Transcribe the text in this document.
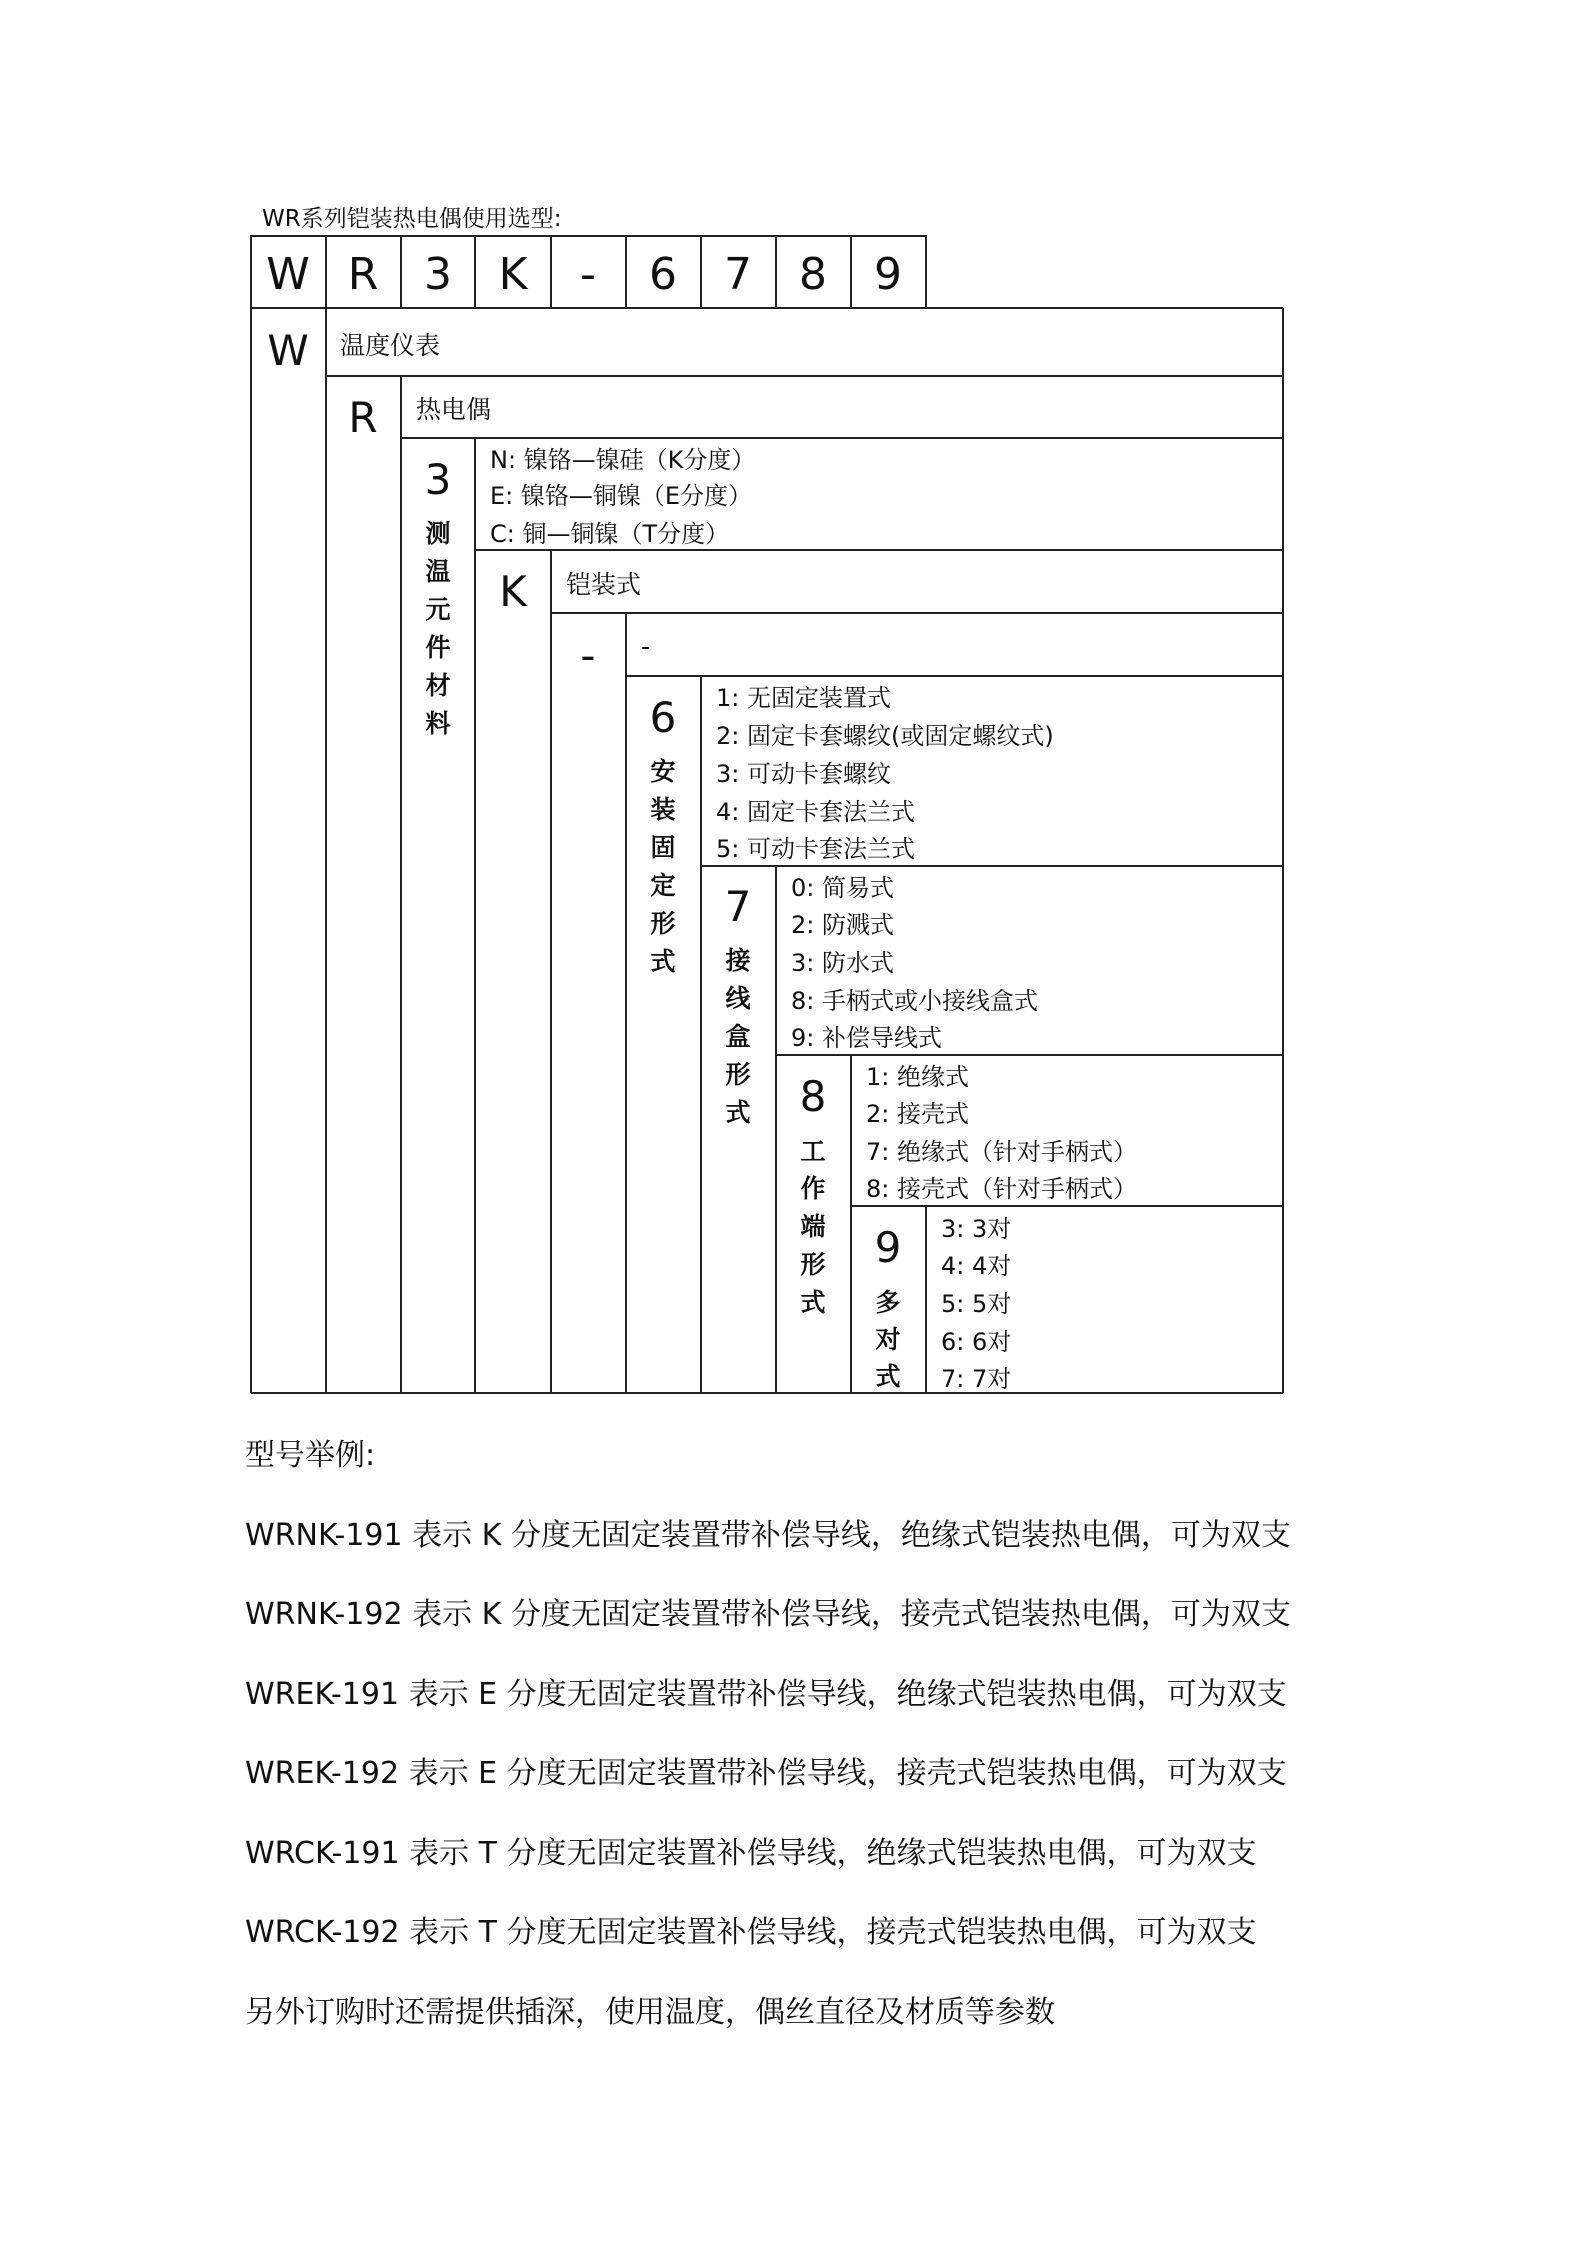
WR系列铠装热电偶使用选型:
W R 3 K - 6 7 8 9
W
R
3
K
-
6
7
8
9
温度仪表
热电偶
铠装式
-
N: 镍铬—镍硅（K分度）
E: 镍铬—铜镍（E分度）
C: 铜—铜镍（T分度）
1: 无固定装置式
2: 固定卡套螺纹(或固定螺纹式)
3: 可动卡套螺纹
4: 固定卡套法兰式
5: 可动卡套法兰式
0: 简易式
2: 防溅式
3: 防水式
8: 手柄式或小接线盒式
9: 补偿导线式
1: 绝缘式
2: 接壳式
7: 绝缘式（针对手柄式）
8: 接壳式（针对手柄式）
3: 3对
4: 4对
5: 5对
6: 6对
7: 7对
测
温
元
件
材
料
安
装
固
定
形
式 接
线
盒
形
式
工
作
端
形
式 多
对
式
型号举例:
WRNK-191 表示 K 分度无固定装置带补偿导线，绝缘式铠装热电偶，可为双支
WRNK-192 表示 K 分度无固定装置带补偿导线，接壳式铠装热电偶，可为双支
WREK-191 表示 E 分度无固定装置带补偿导线，绝缘式铠装热电偶，可为双支
WREK-192 表示 E 分度无固定装置带补偿导线，接壳式铠装热电偶，可为双支
WRCK-191 表示 T 分度无固定装置补偿导线，绝缘式铠装热电偶，可为双支
WRCK-192 表示 T 分度无固定装置补偿导线，接壳式铠装热电偶，可为双支
另外订购时还需提供插深，使用温度，偶丝直径及材质等参数
